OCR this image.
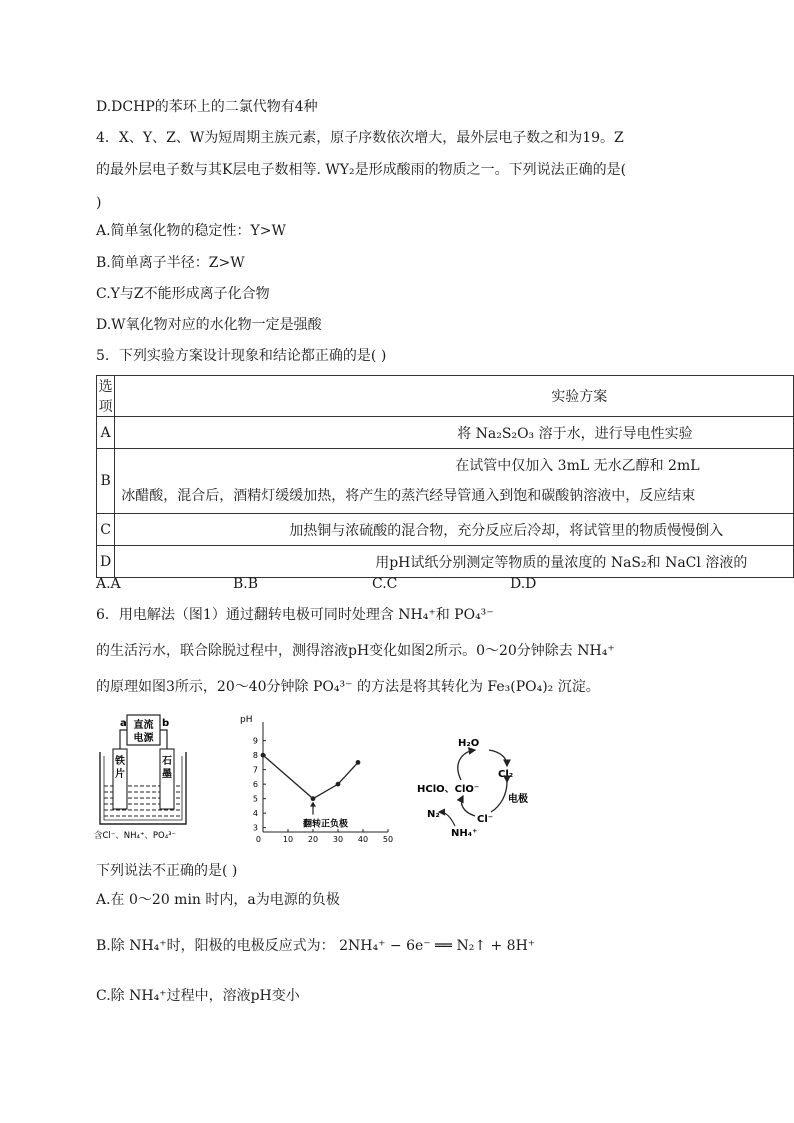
D.DCHP的苯环上的二氯代物有4种
4．X、Y、Z、W为短周期主族元素，原子序数依次增大，最外层电子数之和为19。Z
的最外层电子数与其K层电子数相等. WY₂是形成酸雨的物质之一。下列说法正确的是(
)
A.简单氢化物的稳定性：Y>W
B.简单离子半径：Z>W
C.Y与Z不能形成离子化合物
D.W氧化物对应的水化物一定是强酸
5．下列实验方案设计现象和结论都正确的是( )
选项	实验方案
A	将 Na₂S₂O₃ 溶于水，进行导电性实验
B	在试管中仅加入 3mL 无水乙醇和 2mL
冰醋酸，混合后，酒精灯缓缓加热，将产生的蒸汽经导管通入到饱和碳酸钠溶液中，反应结束

C	加热铜与浓硫酸的混合物，充分反应后冷却，将试管里的物质慢慢倒入
D	用pH试纸分别测定等物质的量浓度的 NaS₂和 NaCl 溶液的
A.A	B.B	C.C	D.D
6．用电解法（图1）通过翻转电极可同时处理含 NH₄⁺和 PO₄³⁻
的生活污水，联合除脱过程中，测得溶液pH变化如图2所示。0～20分钟除去 NH₄⁺
的原理如图3所示，20～40分钟除 PO₄³⁻ 的方法是将其转化为 Fe₃(PO₄)₂ 沉淀。
a	b
直流
电源
铁
片
石
墨
含Cl⁻、NH₄⁺、PO₄³⁻
pH
3
4
5
6
7
8
9
10 20 30 40 50
0
翻转正负极
H₂O
Cl₂
HClO、ClO⁻
电极
Cl⁻
N₂
NH₄⁺
下列说法不正确的是( )
A.在 0～20 min 时内，a为电源的负极
B.除 NH₄⁺时，阳极的电极反应式为： 2NH₄⁺ − 6e⁻ ══ N₂↑ + 8H⁺
C.除 NH₄⁺过程中，溶液pH变小
